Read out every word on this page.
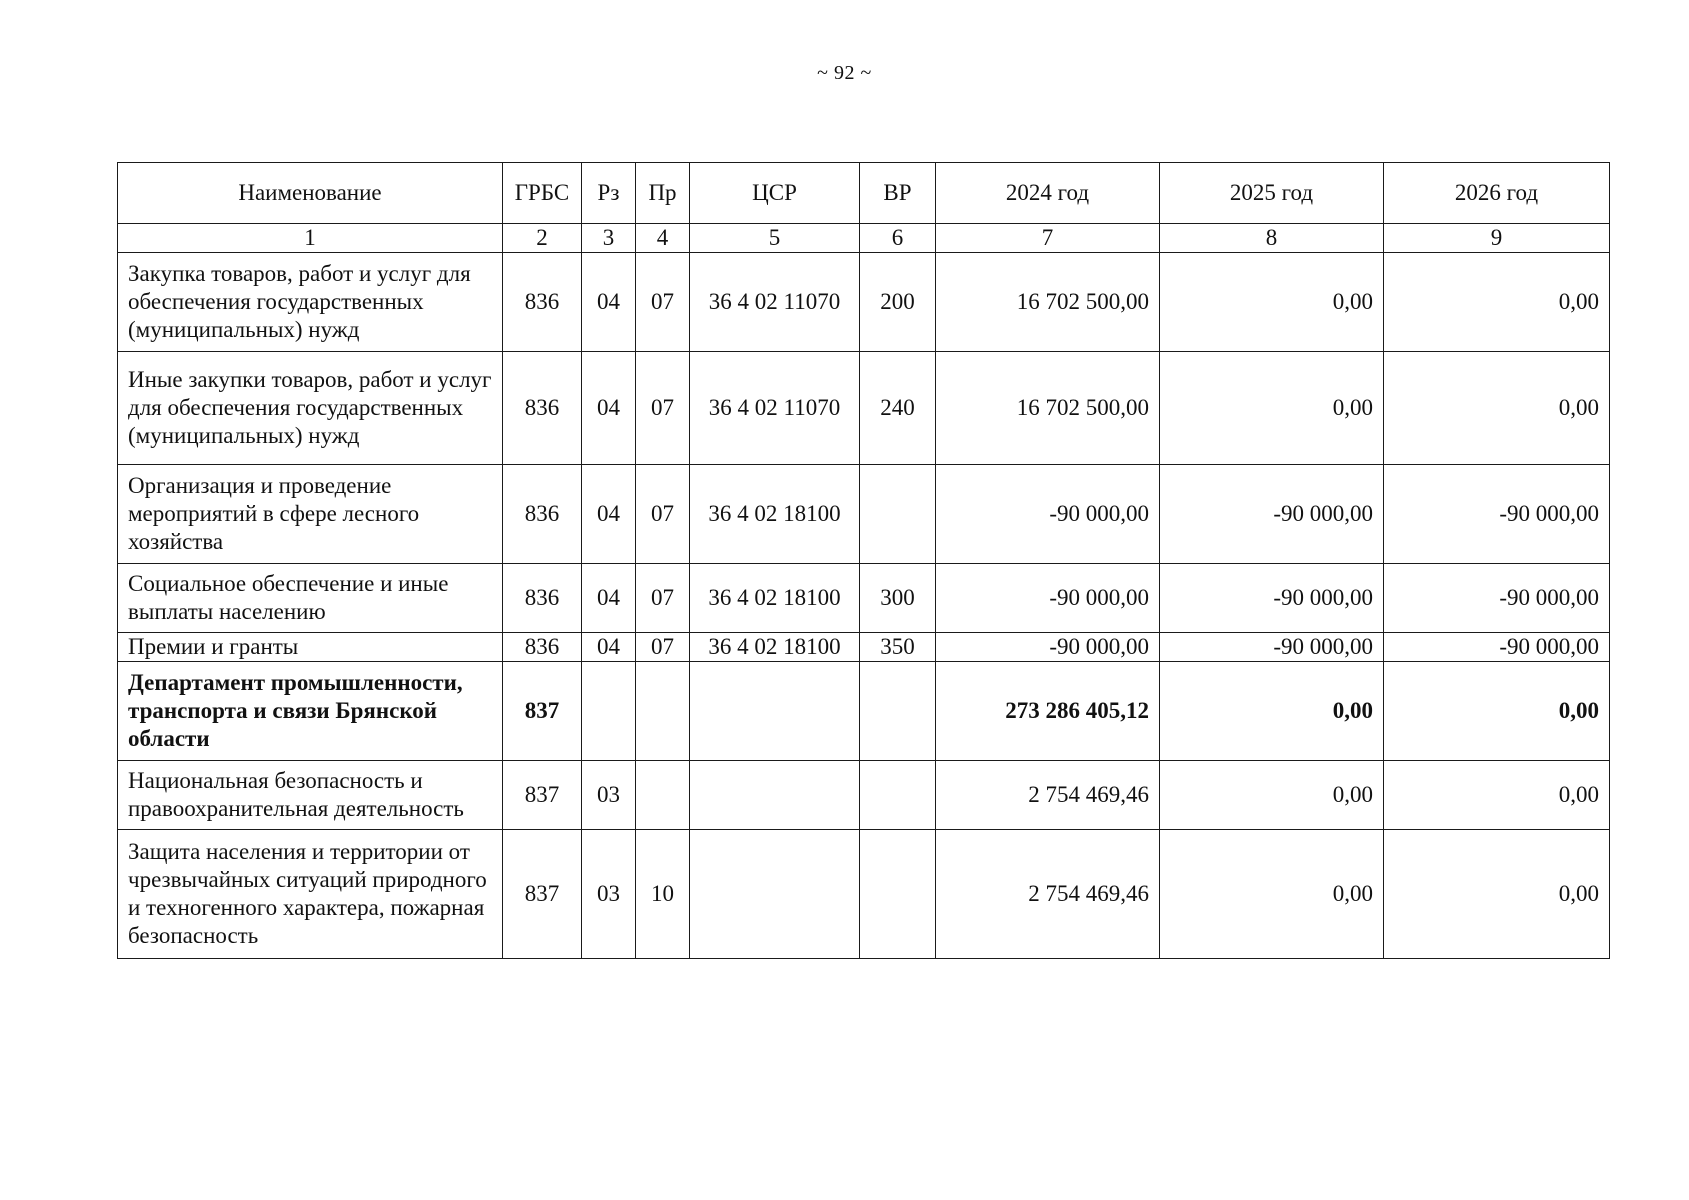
~ 92 ~
Наименование	ГРБС	Рз	Пр	ЦСР	ВР	2024 год	2025 год	2026 год
1	2	3	4	5	6	7	8	9
Закупка товаров, работ и услуг для обеспечения государственных (муниципальных) нужд	836	04	07	36 4 02 11070	200	16 702 500,00	0,00	0,00
Иные закупки товаров, работ и услуг для обеспечения государственных (муниципальных) нужд	836	04	07	36 4 02 11070	240	16 702 500,00	0,00	0,00
Организация и проведение мероприятий в сфере лесного хозяйства	836	04	07	36 4 02 18100		-90 000,00	-90 000,00	-90 000,00
Социальное обеспечение и иные выплаты населению	836	04	07	36 4 02 18100	300	-90 000,00	-90 000,00	-90 000,00
Премии и гранты	836	04	07	36 4 02 18100	350	-90 000,00	-90 000,00	-90 000,00
Департамент промышленности, транспорта и связи Брянской области	837					273 286 405,12	0,00	0,00
Национальная безопасность и правоохранительная деятельность	837	03				2 754 469,46	0,00	0,00
Защита населения и территории от чрезвычайных ситуаций природного и техногенного характера, пожарная безопасность	837	03	10			2 754 469,46	0,00	0,00
